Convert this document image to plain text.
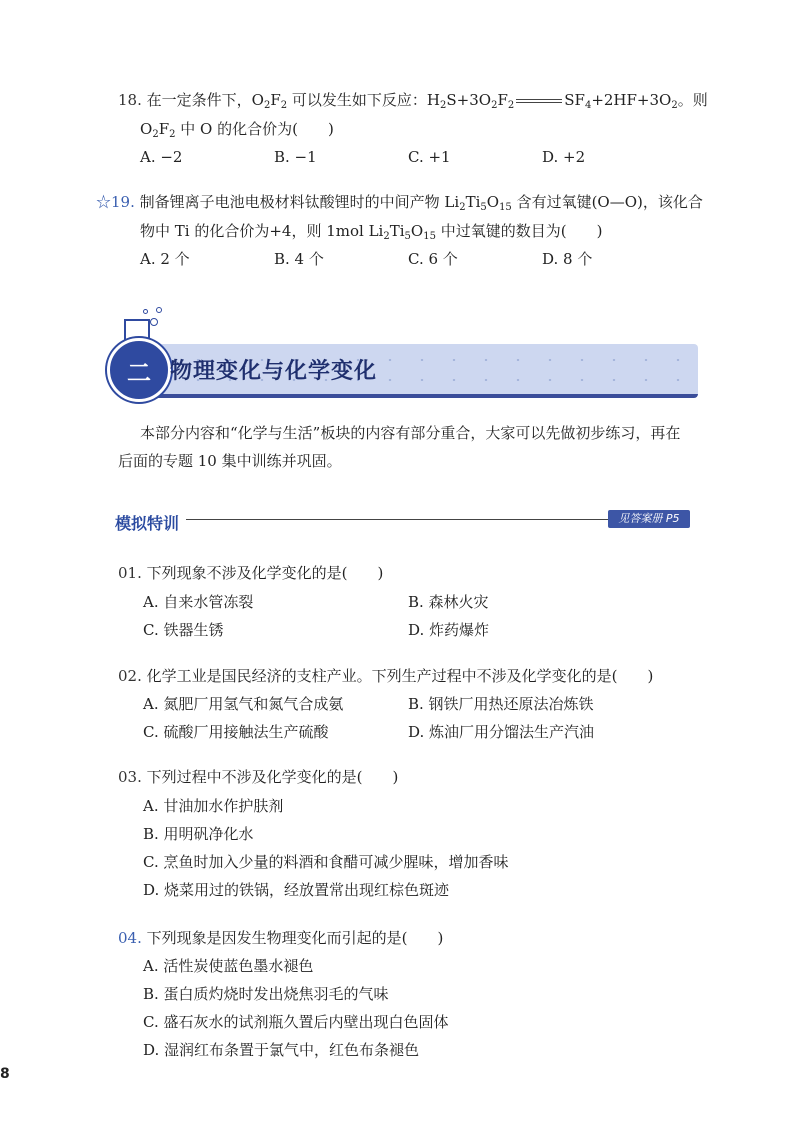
18. 在一定条件下，$O_2F_2$ 可以发生如下反应：$H_2S+3O_2F_2$	$SF_4+2HF+3O_2$。则
$O_2F_2$ 中 O 的化合价为(　　)
A. −2	B. −1	C. +1	D. +2
☆19. 制备锂离子电池电极材料钛酸锂时的中间产物 $Li_2Ti_5O_{15}$ 含有过氧键(O—O)，该化合
物中 Ti 的化合价为+4，则 1mol $Li_2Ti_5O_{15}$ 中过氧键的数目为(　　)
A. 2 个	B. 4 个	C. 6 个	D. 8 个
二 物理变化与化学变化
本部分内容和“化学与生活”板块的内容有部分重合，大家可以先做初步练习，再在
后面的专题 10 集中训练并巩固。
模拟特训	见答案册 P5
01. 下列现象不涉及化学变化的是(　　)
A. 自来水管冻裂	B. 森林火灾
C. 铁器生锈	D. 炸药爆炸
02. 化学工业是国民经济的支柱产业。下列生产过程中不涉及化学变化的是(　　)
A. 氮肥厂用氢气和氮气合成氨	B. 钢铁厂用热还原法冶炼铁
C. 硫酸厂用接触法生产硫酸	D. 炼油厂用分馏法生产汽油
03. 下列过程中不涉及化学变化的是(　　)
A. 甘油加水作护肤剂
B. 用明矾净化水
C. 烹鱼时加入少量的料酒和食醋可减少腥味，增加香味
D. 烧菜用过的铁锅，经放置常出现红棕色斑迹
04. 下列现象是因发生物理变化而引起的是(　　)
A. 活性炭使蓝色墨水褪色
B. 蛋白质灼烧时发出烧焦羽毛的气味
C. 盛石灰水的试剂瓶久置后内壁出现白色固体
D. 湿润红布条置于氯气中，红色布条褪色
8
